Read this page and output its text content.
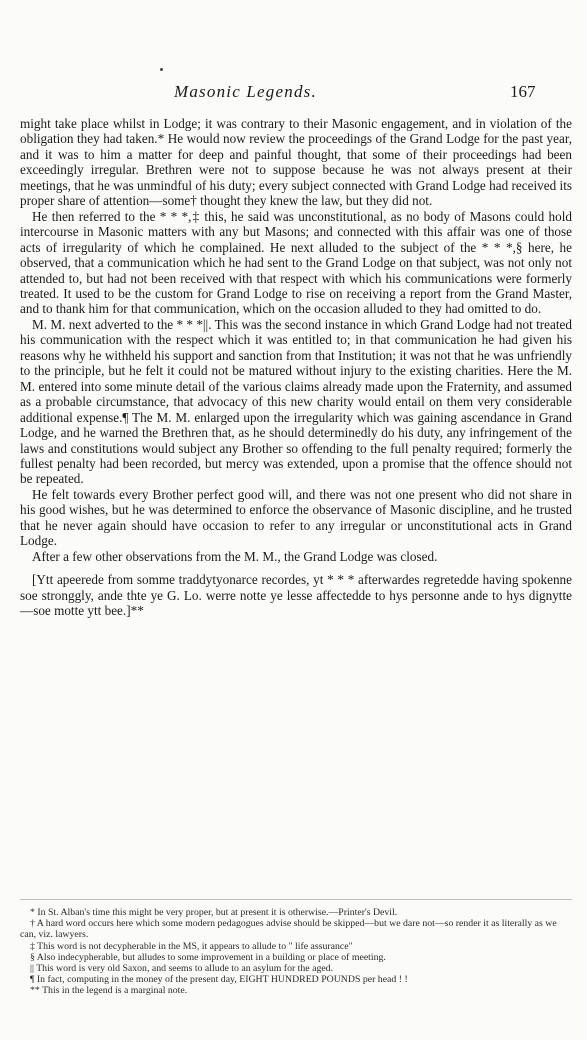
Masonic Legends.	167

might take place whilst in Lodge; it was contrary to their Masonic engagement, and in violation of the obligation they had taken.* He would now review the proceedings of the Grand Lodge for the past year, and it was to him a matter for deep and painful thought, that some of their proceedings had been exceedingly irregular. Brethren were not to suppose because he was not always present at their meetings, that he was unmindful of his duty; every subject connected with Grand Lodge had received its proper share of attention—some† thought they knew the law, but they did not.

He then referred to the * * *,‡ this, he said was unconstitutional, as no body of Masons could hold intercourse in Masonic matters with any but Masons; and connected with this affair was one of those acts of irregularity of which he complained. He next alluded to the subject of the * * *,§ here, he observed, that a communication which he had sent to the Grand Lodge on that subject, was not only not attended to, but had not been received with that respect with which his communications were formerly treated. It used to be the custom for Grand Lodge to rise on receiving a report from the Grand Master, and to thank him for that communication, which on the occasion alluded to they had omitted to do.

M. M. next adverted to the * * *||. This was the second instance in which Grand Lodge had not treated his communication with the respect which it was entitled to; in that communication he had given his reasons why he withheld his support and sanction from that Institution; it was not that he was unfriendly to the principle, but he felt it could not be matured without injury to the existing charities. Here the M. M. entered into some minute detail of the various claims already made upon the Fraternity, and assumed as a probable circumstance, that advocacy of this new charity would entail on them very considerable additional expense.¶ The M. M. enlarged upon the irregularity which was gaining ascendance in Grand Lodge, and he warned the Brethren that, as he should determinedly do his duty, any infringement of the laws and constitutions would subject any Brother so offending to the full penalty required; formerly the fullest penalty had been recorded, but mercy was extended, upon a promise that the offence should not be repeated.

He felt towards every Brother perfect good will, and there was not one present who did not share in his good wishes, but he was determined to enforce the observance of Masonic discipline, and he trusted that he never again should have occasion to refer to any irregular or unconstitutional acts in Grand Lodge.

After a few other observations from the M. M., the Grand Lodge was closed.

[Ytt apeerede from somme traddytyonarce recordes, yt * * * afterwardes regretedde having spokenne soe stronggly, ande thte ye G. Lo. werre notte ye lesse affectedde to hys personne ande to hys dignytte—soe motte ytt bee.]**

* In St. Alban's time this might be very proper, but at present it is otherwise.—Printer's Devil.

† A hard word occurs here which some modern pedagogues advise should be skipped—but we dare not—so render it as literally as we can, viz. lawyers.

‡ This word is not decypherable in the MS, it appears to allude to " life assurance"

§ Also indecypherable, but alludes to some improvement in a building or place of meeting.

|| This word is very old Saxon, and seems to allude to an asylum for the aged.

¶ In fact, computing in the money of the present day, EIGHT HUNDRED POUNDS per head ! !

** This in the legend is a marginal note.
